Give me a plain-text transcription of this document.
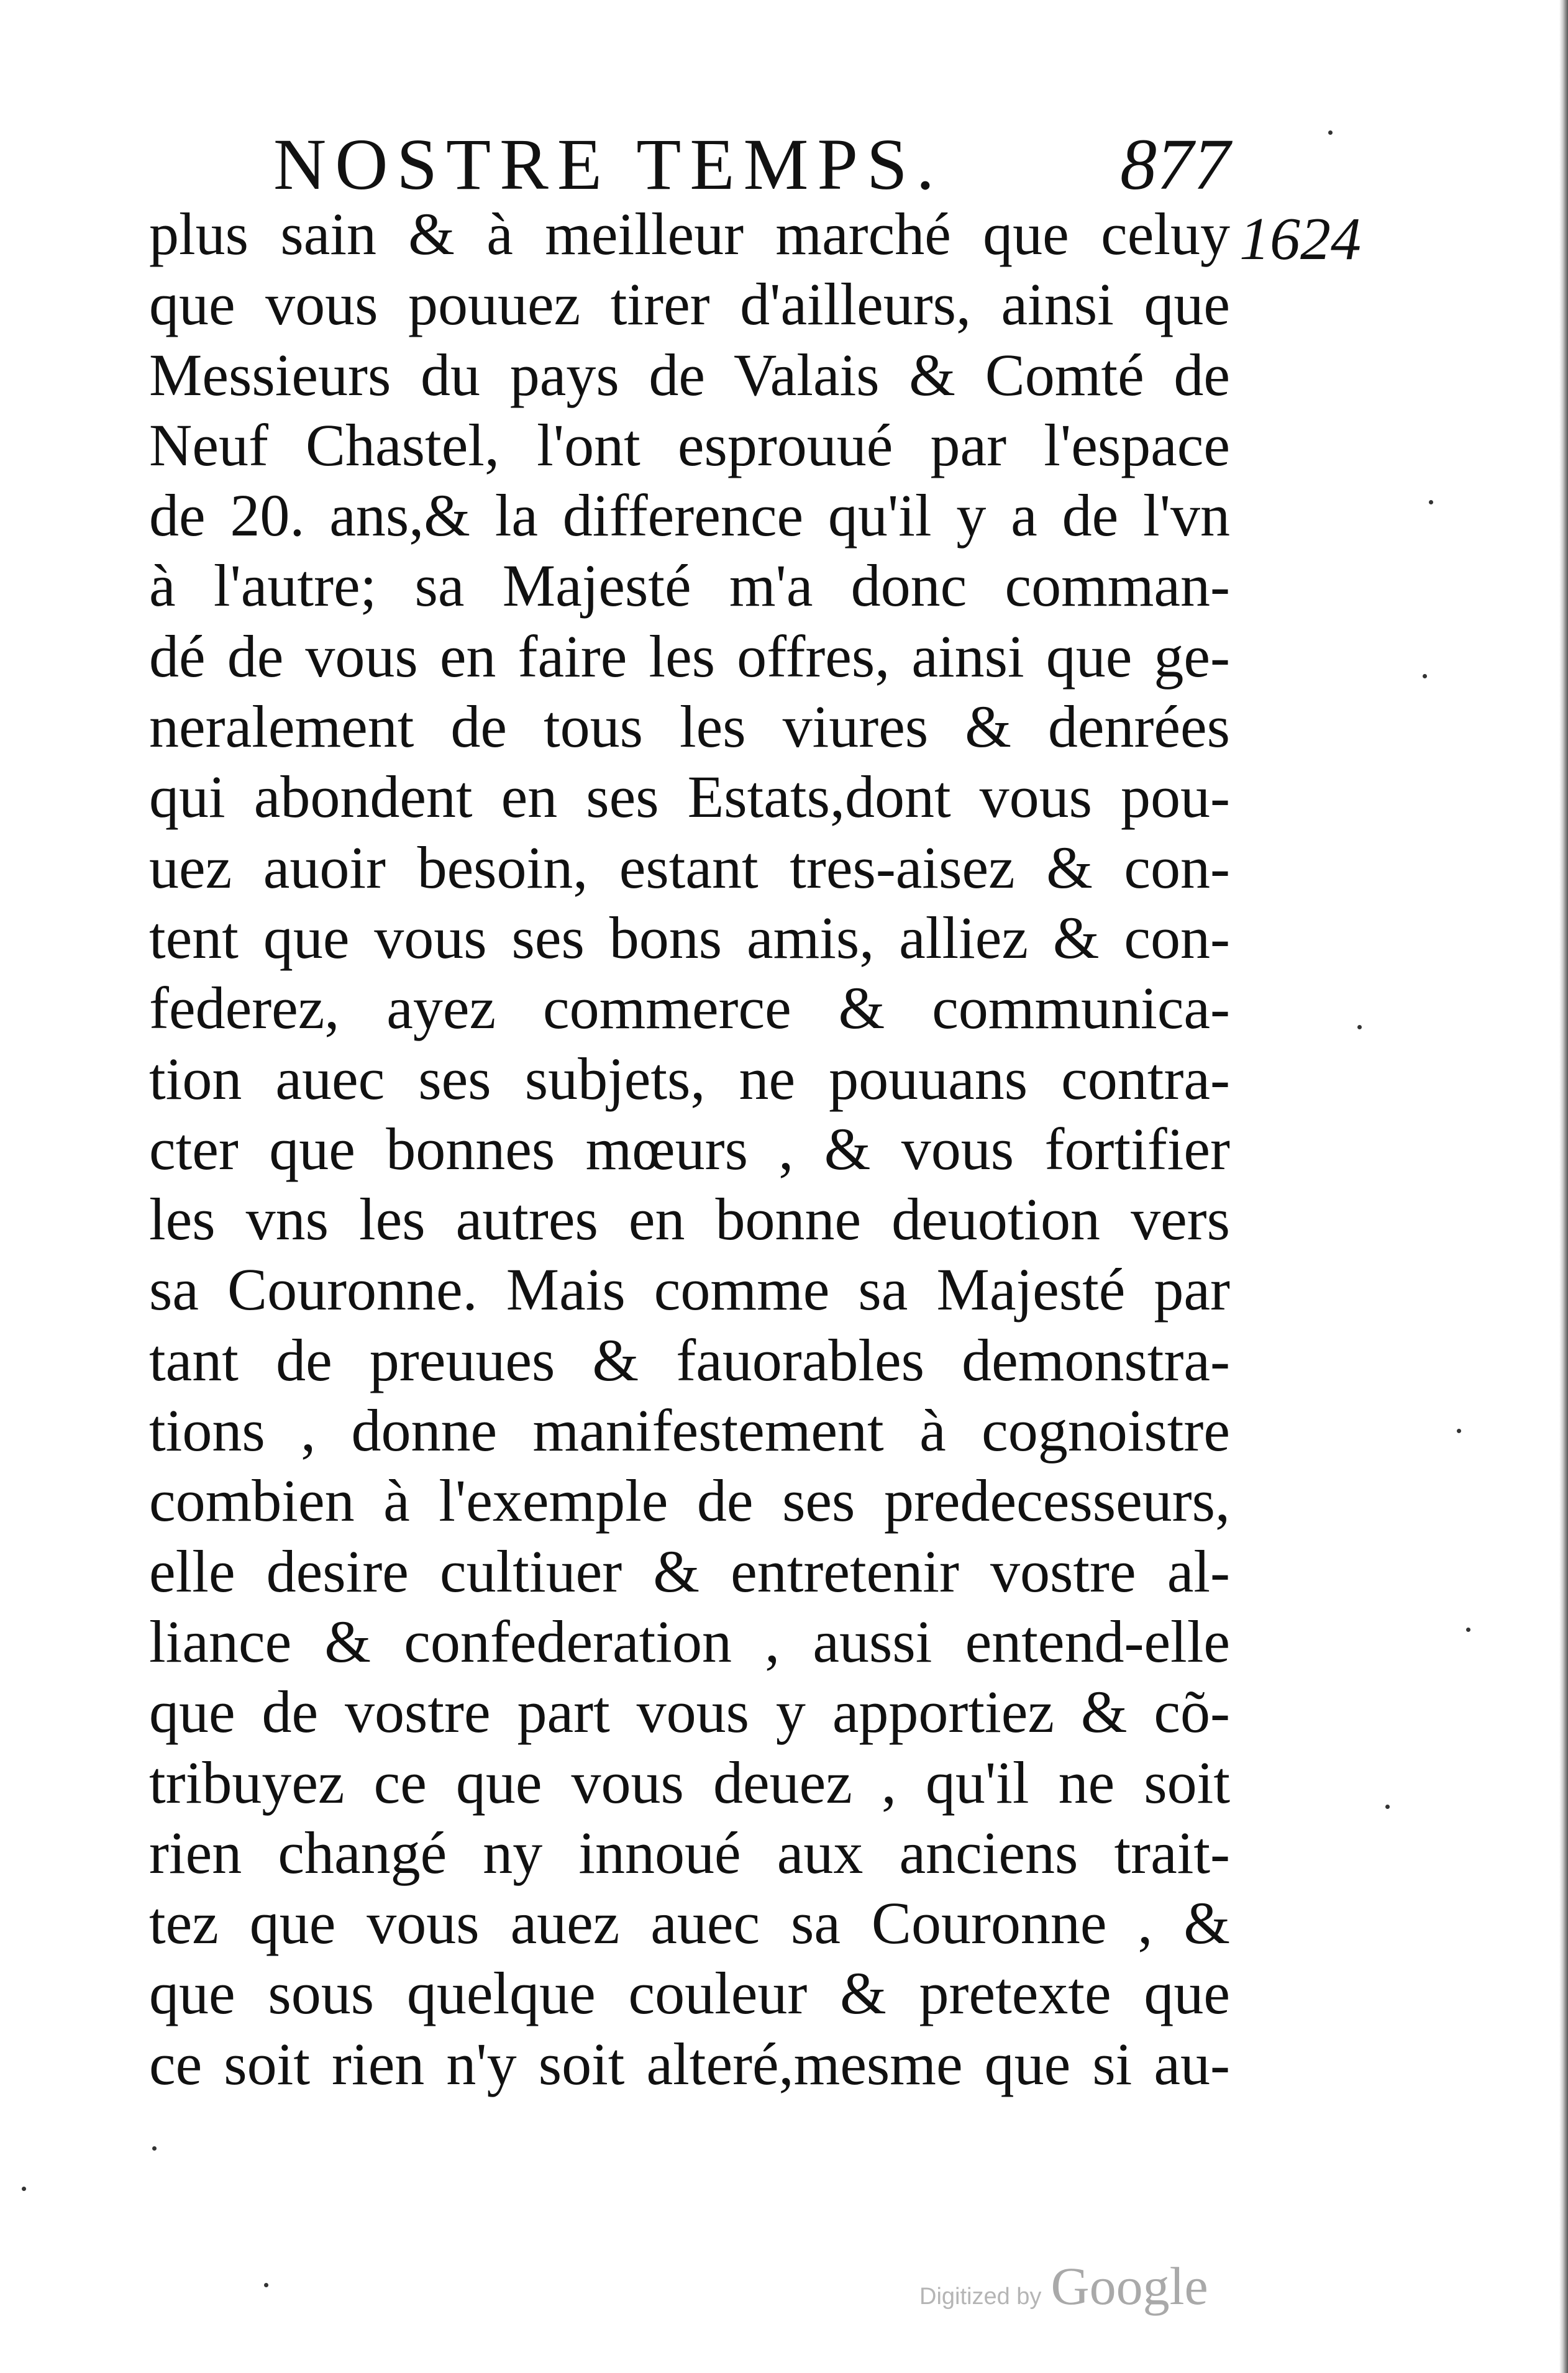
NOSTRE TEMPS. 877
1624
plus sain & à meilleur marché que celuy
que vous pouuez tirer d'ailleurs, ainsi que
Messieurs du pays de Valais & Comté de
Neuf Chastel, l'ont esprouué par l'espace
de 20. ans,& la difference qu'il y a de l'vn
à l'autre; sa Majesté m'a donc comman-
dé de vous en faire les offres, ainsi que ge-
neralement de tous les viures & denrées
qui abondent en ses Estats,dont vous pou-
uez auoir besoin, estant tres-aisez & con-
tent que vous ses bons amis, alliez & con-
federez, ayez commerce & communica-
tion auec ses subjets, ne pouuans contra-
cter que bonnes mœurs , & vous fortifier
les vns les autres en bonne deuotion vers
sa Couronne. Mais comme sa Majesté par
tant de preuues & fauorables demonstra-
tions , donne manifestement à cognoistre
combien à l'exemple de ses predecesseurs,
elle desire cultiuer & entretenir vostre al-
liance & confederation , aussi entend-elle
que de vostre part vous y apportiez & cõ-
tribuyez ce que vous deuez , qu'il ne soit
rien changé ny innoué aux anciens trait-
tez que vous auez auec sa Couronne , &
que sous quelque couleur & pretexte que
ce soit rien n'y soit alteré,mesme que si au-
Digitized by Google
